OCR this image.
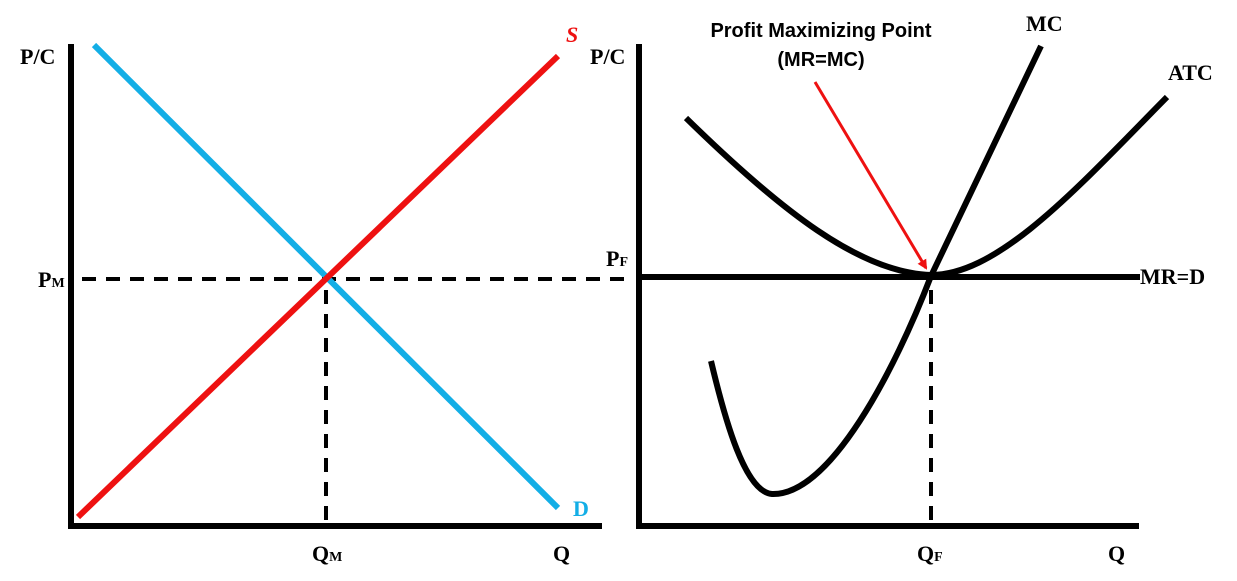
P/C
S
D
Q
PM
QM
P/C
MC
ATC
MR=D
Q
PF
QF
Profit Maximizing Point
(MR=MC)
